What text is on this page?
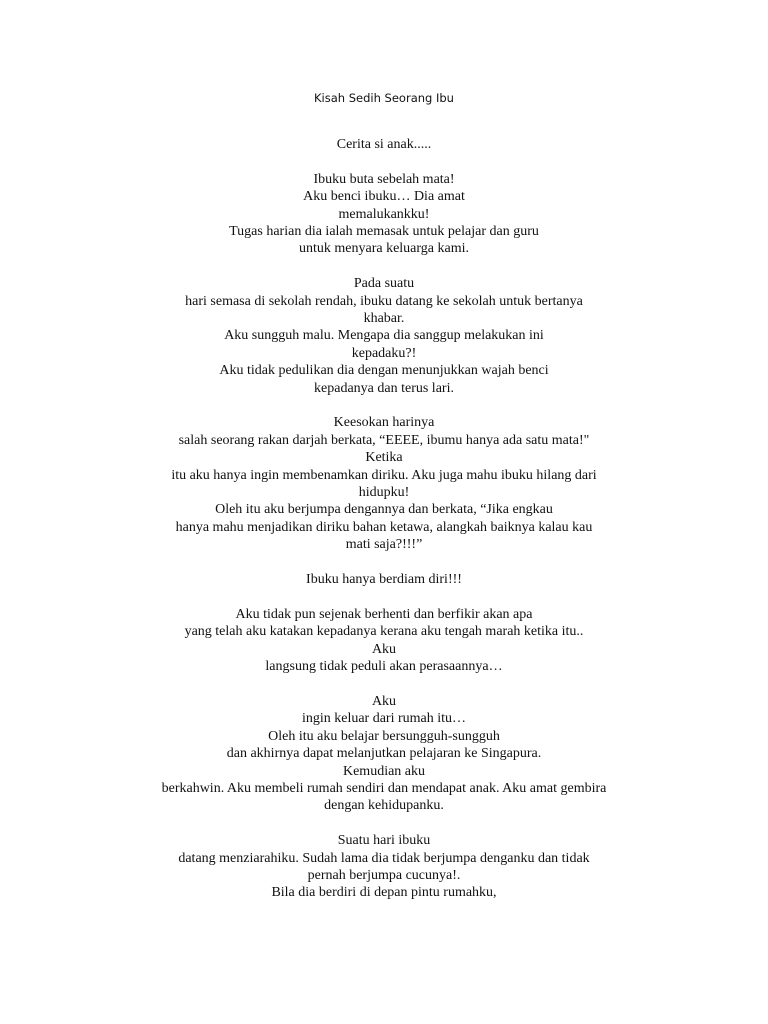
Kisah Sedih Seorang Ibu
Cerita si anak.....
Ibuku buta sebelah mata!
Aku benci ibuku… Dia amat
memalukankku!
Tugas harian dia ialah memasak untuk pelajar dan guru
untuk menyara keluarga kami.
Pada suatu
hari semasa di sekolah rendah, ibuku datang ke sekolah untuk bertanya
khabar.
Aku sungguh malu. Mengapa dia sanggup melakukan ini
kepadaku?!
Aku tidak pedulikan dia dengan menunjukkan wajah benci
kepadanya dan terus lari.
Keesokan harinya
salah seorang rakan darjah berkata, “EEEE, ibumu hanya ada satu mata!"
Ketika
itu aku hanya ingin membenamkan diriku. Aku juga mahu ibuku hilang dari
hidupku!
Oleh itu aku berjumpa dengannya dan berkata, “Jika engkau
hanya mahu menjadikan diriku bahan ketawa, alangkah baiknya kalau kau
mati saja?!!!”
Ibuku hanya berdiam diri!!!
Aku tidak pun sejenak berhenti dan berfikir akan apa
yang telah aku katakan kepadanya kerana aku tengah marah ketika itu..
Aku
langsung tidak peduli akan perasaannya…
Aku
ingin keluar dari rumah itu…
Oleh itu aku belajar bersungguh-sungguh
dan akhirnya dapat melanjutkan pelajaran ke Singapura.
Kemudian aku
berkahwin. Aku membeli rumah sendiri dan mendapat anak. Aku amat gembira
dengan kehidupanku.
Suatu hari ibuku
datang menziarahiku. Sudah lama dia tidak berjumpa denganku dan tidak
pernah berjumpa cucunya!.
Bila dia berdiri di depan pintu rumahku,
